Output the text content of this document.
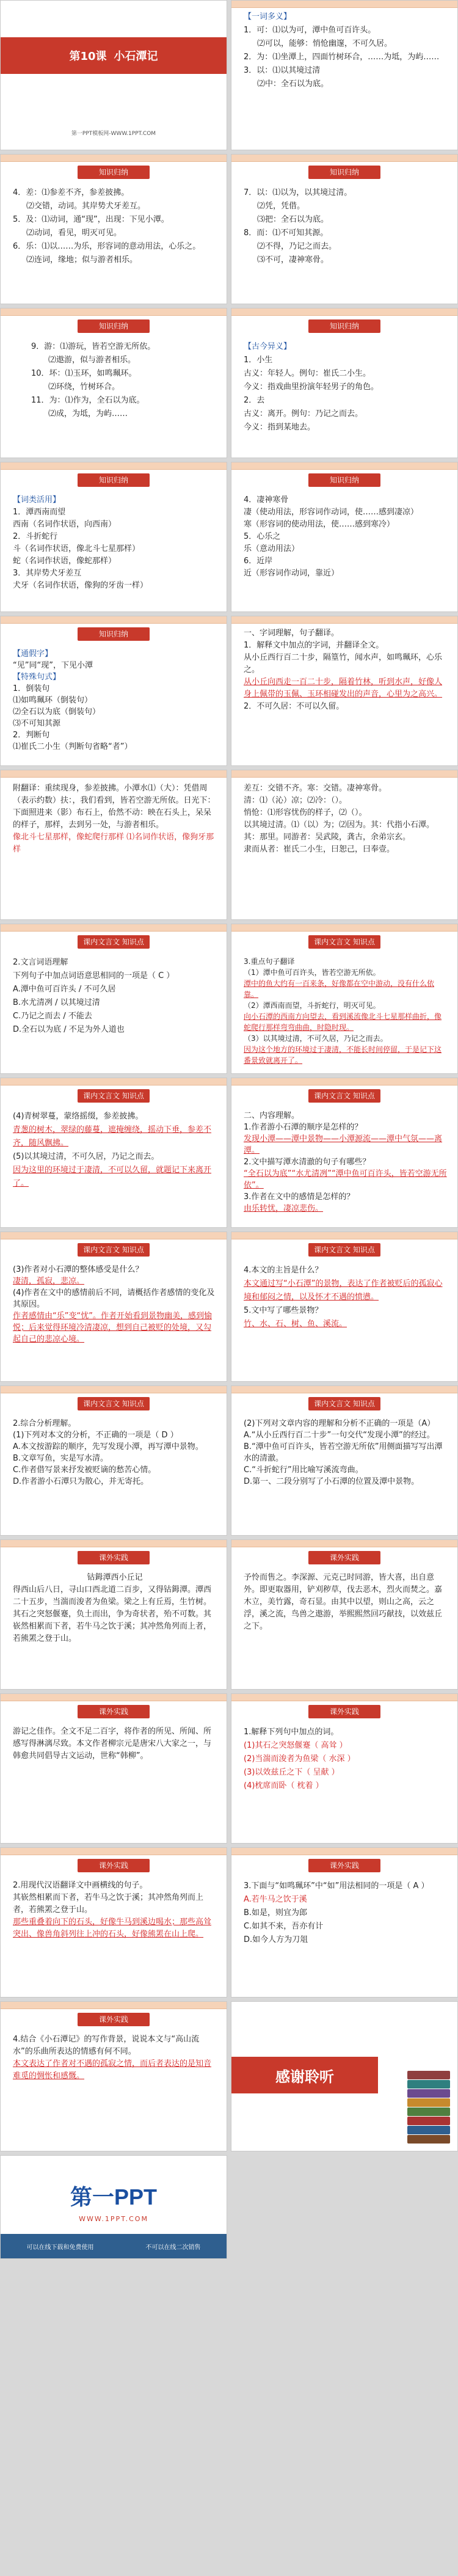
第10课 小石潭记
第一PPT模板网-WWW.1PPT.COM

【一词多义】

1．可：⑴以为可，潭中鱼可百许头。

⑵可以，能够：悄怆幽邃，不可久居。

2．为：⑴坐潭上，四面竹树环合，……为坻，为屿……

3．以：⑴以其境过清

⑵中：全石以为底。

知识归纳

4．差：⑴参差不齐，参差披拂。

⑵交错，动词。其岸势犬牙差互。

5．及：⑴动词，通“现”，出现：下见小潭。

⑵动词，看见，明灭可见。

6．乐：⑴以……为乐，形容词的意动用法，心乐之。

⑵连词，缘地；似与游者相乐。

知识归纳

7．以：⑴以为，以其境过清。

⑵凭，凭借。

⑶把：全石以为底。

8．而：⑴不可知其源。

⑵不得，乃记之而去。

⑶不可，凄神寒骨。

知识归纳

9．游：⑴游玩，皆若空游无所依。

⑵遨游，似与游者相乐。

10．坏：⑴玉环，如鸣珮环。

⑵环绕，竹树环合。

11．为：⑴作为，全石以为底。

⑵成，为坻，为屿……

知识归纳

【古今异义】

1．小生

古义：年轻人。例句：崔氏二小生。

今义：指戏曲里扮演年轻男子的角色。

2．去

古义：离开。例句：乃记之而去。

今义：指到某地去。

知识归纳

【词类活用】

1．潭西南而望

西南（名词作状语，向西南）

2．斗折蛇行

斗（名词作状语，像北斗七星那样）

蛇（名词作状语，像蛇那样）

3．其岸势犬牙差互

犬牙（名词作状语，像狗的牙齿一样）

知识归纳

4．凄神寒骨

凄（使动用法，形容词作动词，使……感到凄凉）

寒（形容词的使动用法，使……感到寒冷）

5．心乐之

乐（意动用法）

6．近岸

近（形容词作动词，靠近）

知识归纳

【通假字】

“见”同“现”，下见小潭

【特殊句式】

1．倒装句

⑴如鸣珮环（倒装句）

⑵全石以为底（倒装句）

⑶不可知其源

2．判断句

⑴崔氏二小生（判断句省略“者”）

一、字词理解，句子翻译。

1．解释文中加点的字词，并翻译全文。

从小丘西行百二十步，隔篁竹，闻水声，如鸣珮环，心乐之。

从小丘向西走一百二十步，隔着竹林，听到水声，好像人身上佩带的玉佩、玉环相碰发出的声音，心里为之高兴。

2．不可久居：不可以久留。

附翻译：重续现身，参差披拂。小潭水⑴（大）：凭借周（表示约数）扶：，我们看到，皆若空游无所依。日光下：下面照进来（影）布石上，佁然不动：映在石头上，呆呆的样子，那样，去到另一处，与游者相乐。

像北斗七星那样，像蛇爬行那样 ⑴名词作状语，像狗牙那样

差互：交错不齐。寒：交错。凄神寒骨。

清：⑴（沁）凉；⑵冷：（）。

悄怆：⑴形容忧伤的样子，⑵（）。

以其境过清。⑴（以）为；⑵因为。其：代指小石潭。

其：那里。同游者：吴武陵，龚古，余弟宗玄。

隶而从者：崔氏二小生，曰恕己，曰奉壹。

课内文言文 知识点

2.文言词语理解

下列句子中加点词语意思相同的一项是（ C ）

A.潭中鱼可百许头 / 不可久居

B.水尤清冽 / 以其境过清

C.乃记之而去 / 不能去

D.全石以为底 / 不足为外人道也

课内文言文 知识点

3.重点句子翻译

（1）潭中鱼可百许头，皆若空游无所依。

潭中的鱼大约有一百来条，好像都在空中游动，没有什么依靠。

（2）潭西南而望，斗折蛇行，明灭可见。

向小石潭的西南方向望去，看到溪流像北斗七星那样曲折，像蛇爬行那样弯弯曲曲，时隐时现。

（3）以其境过清，不可久居，乃记之而去。

因为这个地方的环境过于凄清，不能长时间停留，于是记下这番景致就离开了。

课内文言文 知识点

(4)青树翠蔓，蒙络摇缀，参差披拂。

青葱的树木，翠绿的藤蔓，遮掩缠绕，摇动下垂，参差不齐，随风飘拂。

(5)以其境过清，不可久居，乃记之而去。

因为这里的环境过于凄清，不可以久留，就题记下来离开了。

课内文言文 知识点

二、内容理解。

1.作者游小石潭的顺序是怎样的？

发现小潭——潭中景物——小潭源流——潭中气氛——离潭。

2.文中描写潭水清澈的句子有哪些？

“全石以为底”“水尤清冽”“潭中鱼可百许头，皆若空游无所依”。

3.作者在文中的感情是怎样的？

由乐转忧，凄凉悲伤。

课内文言文 知识点

(3)作者对小石潭的整体感受是什么？

凄清，孤寂，悲凉。

(4)作者在文中的感情前后不同，请概括作者感情的变化及其原因。

作者感情由“乐”变“忧”。作者开始看到景物幽美，感到愉悦；后来觉得环境冷清凄凉，想到自己被贬的处境，又勾起自己的悲凉心境。

课内文言文 知识点

4.本文的主旨是什么？

本文通过写“小石潭”的景物，表达了作者被贬后的孤寂心境和郁闷之情，以及怀才不遇的愤懑。

5.文中写了哪些景物？

竹、水、石、树、鱼、溪流。

课内文言文 知识点

2.综合分析理解。

(1)下列对本文的分析，不正确的一项是（ D ）

A.本文按游踪的顺序，先写发现小潭，再写潭中景物。

B.文章写鱼，实是写水清。

C.作者借写景来抒发被贬谪的愁苦心情。

D.作者游小石潭只为散心，并无寄托。

课内文言文 知识点

(2)下列对文章内容的理解和分析不正确的一项是（A）

A.“从小丘西行百二十步”一句交代“发现小潭”的经过。

B.“潭中鱼可百许头，皆若空游无所依”用侧面描写写出潭水的清澈。

C.“斗折蛇行”用比喻写溪流弯曲。

D.第一、二段分别写了小石潭的位置及潭中景物。

课外实践

钴鉧潭西小丘记

得西山后八日，寻山口西北道二百步，又得钴鉧潭。潭西二十五步，当湍而浚者为鱼梁。梁之上有丘焉，生竹树。其石之突怒偃蹇，负土而出，争为奇状者，殆不可数。其嵚然相累而下者，若牛马之饮于溪；其冲然角列而上者，若熊罴之登于山。

课外实践

予怜而售之。李深源、元克己时同游，皆大喜，出自意外。即更取器用，铲刈秽草，伐去恶木，烈火而焚之。嘉木立，美竹露，奇石显。由其中以望，则山之高，云之浮，溪之流，鸟兽之遨游，举熙熙然回巧献技，以效兹丘之下。

课外实践

游记之佳作。全文不足二百字，将作者的所见、所闻、所感写得淋漓尽致。本文作者柳宗元是唐宋八大家之一，与韩愈共同倡导古文运动，世称“韩柳”。

课外实践

1.解释下列句中加点的词。

(1)其石之突怒偃蹇（ 高耸 ）

(2)当湍而浚者为鱼梁（ 水深 ）

(3)以效兹丘之下（ 呈献 ）

(4)枕席而卧（ 枕着 ）

课外实践

2.用现代汉语翻译文中画横线的句子。

其嵚然相累而下者，若牛马之饮于溪；其冲然角列而上者，若熊罴之登于山。

那些重叠着向下的石头，好像牛马到溪边喝水；那些高耸突出、像兽角斜列往上冲的石头，好像熊罴在山上爬。

课外实践

3.下面与“如鸣珮环”中“如”用法相同的一项是（ A ）

A.若牛马之饮于溪

B.如是，则宜为郎

C.如其不来，吾亦有计

D.如今人方为刀俎

课外实践

4.结合《小石潭记》的写作背景，说说本文与“高山流水”的乐曲所表达的情感有何不同。

本文表达了作者对不遇的孤寂之情，而后者表达的是知音难觅的惆怅和感慨。	感谢聆听
第一PPT
WWW.1PPT.COM
可以在线下载和免费使用	不可以在线二次销售
